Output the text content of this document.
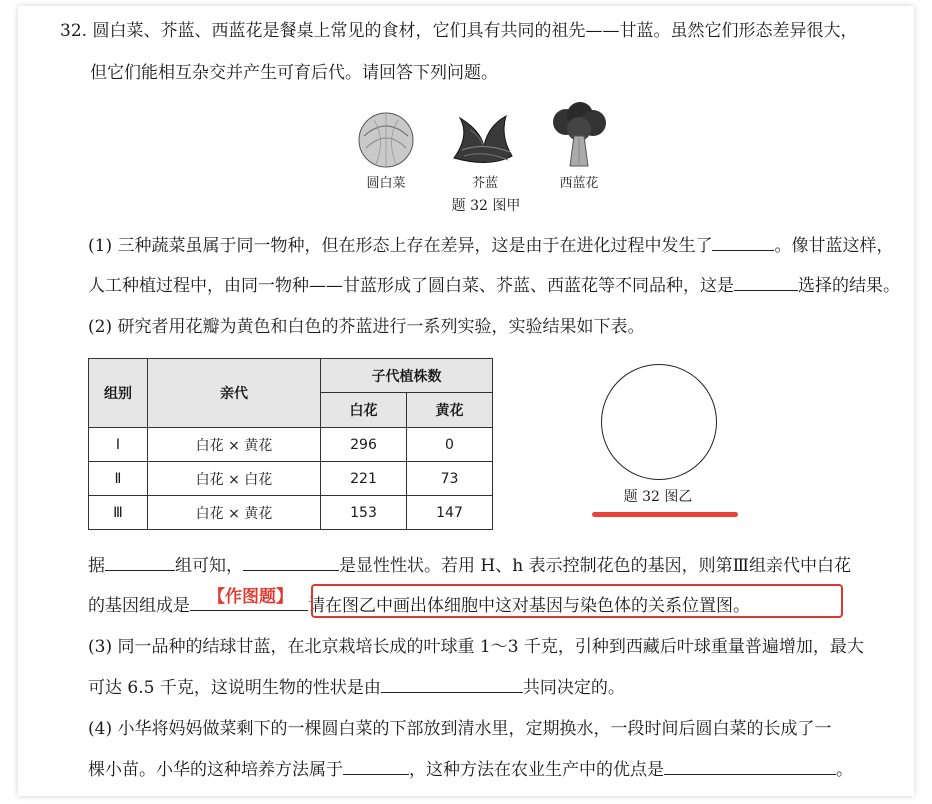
32. 圆白菜、芥蓝、西蓝花是餐桌上常见的食材，它们具有共同的祖先——甘蓝。虽然它们形态差异很大，
但它们能相互杂交并产生可育后代。请回答下列问题。
圆白菜	芥蓝	西蓝花
题 32 图甲
(1) 三种蔬菜虽属于同一物种，但在形态上存在差异，这是由于在进化过程中发生了	。像甘蓝这样，
人工种植过程中，由同一物种——甘蓝形成了圆白菜、芥蓝、西蓝花等不同品种，这是	选择的结果。
(2) 研究者用花瓣为黄色和白色的芥蓝进行一系列实验，实验结果如下表。
组别	亲代	子代植株数	
		白花	黄花
Ⅰ	白花 × 黄花	296	0
Ⅱ	白花 × 白花	221	73
Ⅲ	白花 × 黄花	153	147
题 32 图乙
据	组可知，	是显性性状。若用 H、h 表示控制花色的基因，则第Ⅲ组亲代中白花
的基因组成是	请在图乙中画出体细胞中这对基因与染色体的关系位置图。
【作图题】
(3) 同一品种的结球甘蓝，在北京栽培长成的叶球重 1～3 千克，引种到西藏后叶球重量普遍增加，最大
可达 6.5 千克，这说明生物的性状是由	共同决定的。
(4) 小华将妈妈做菜剩下的一棵圆白菜的下部放到清水里，定期换水，一段时间后圆白菜的长成了一
棵小苗。小华的这种培养方法属于	，这种方法在农业生产中的优点是	。
